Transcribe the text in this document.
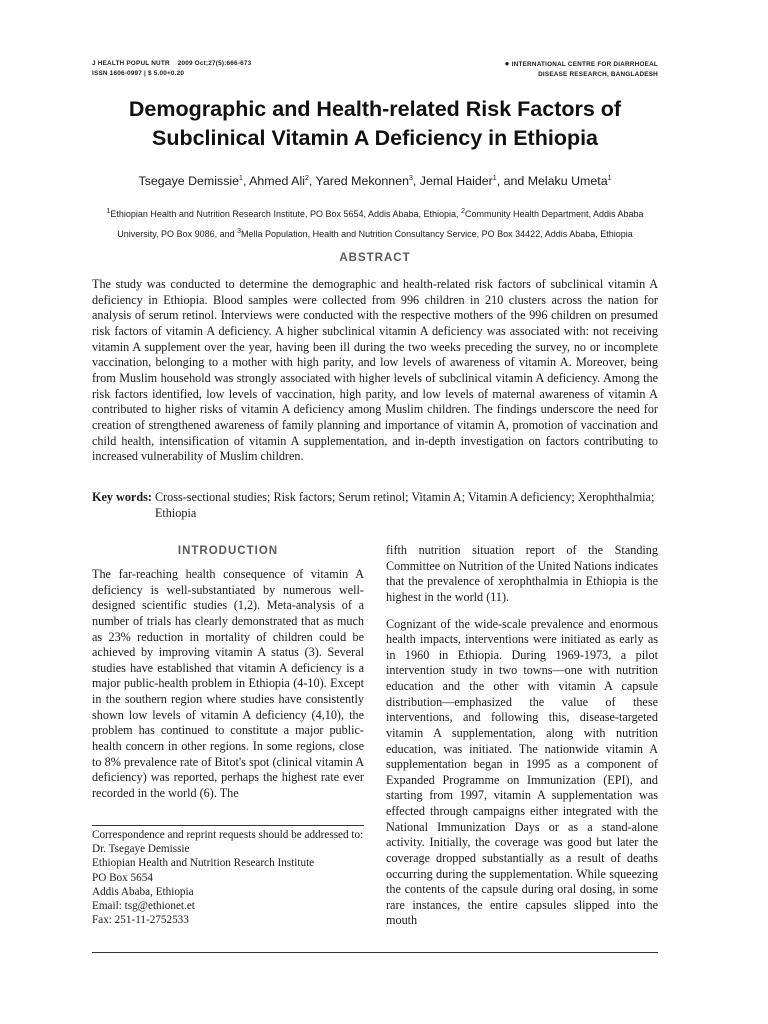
J HEALTH POPUL NUTR 2009 Oct;27(5):666-673
ISSN 1606-0997 | $ 5.00+0.20
● INTERNATIONAL CENTRE FOR DIARRHOEAL
DISEASE RESEARCH, BANGLADESH
Demographic and Health-related Risk Factors of
Subclinical Vitamin A Deficiency in Ethiopia
Tsegaye Demissie$^1$, Ahmed Ali$^2$, Yared Mekonnen$^3$, Jemal Haider$^1$, and Melaku Umeta$^1$
$^1$Ethiopian Health and Nutrition Research Institute, PO Box 5654, Addis Ababa, Ethiopia, $^2$Community Health Department, Addis Ababa University, PO Box 9086, and $^3$Mella Population, Health and Nutrition Consultancy Service, PO Box 34422, Addis Ababa, Ethiopia
ABSTRACT
The study was conducted to determine the demographic and health-related risk factors of subclinical vitamin A deficiency in Ethiopia. Blood samples were collected from 996 children in 210 clusters across the nation for analysis of serum retinol. Interviews were conducted with the respective mothers of the 996 children on presumed risk factors of vitamin A deficiency. A higher subclinical vitamin A deficiency was associated with: not receiving vitamin A supplement over the year, having been ill during the two weeks preceding the survey, no or incomplete vaccination, belonging to a mother with high parity, and low levels of awareness of vitamin A. Moreover, being from Muslim household was strongly associated with higher levels of subclinical vitamin A deficiency. Among the risk factors identified, low levels of vaccination, high parity, and low levels of maternal awareness of vitamin A contributed to higher risks of vitamin A deficiency among Muslim children. The findings underscore the need for creation of strengthened awareness of family planning and importance of vitamin A, promotion of vaccination and child health, intensification of vitamin A supplementation, and in-depth investigation on factors contributing to increased vulnerability of Muslim children.
Key words: Cross-sectional studies; Risk factors; Serum retinol; Vitamin A; Vitamin A deficiency; Xerophthalmia; Ethiopia
INTRODUCTION

The far-reaching health consequence of vitamin A deficiency is well-substantiated by numerous well-designed scientific studies (1,2). Meta-analysis of a number of trials has clearly demonstrated that as much as 23% reduction in mortality of children could be achieved by improving vitamin A status (3). Several studies have established that vitamin A deficiency is a major public-health problem in Ethiopia (4-10). Except in the southern region where studies have consistently shown low levels of vitamin A deficiency (4,10), the problem has continued to constitute a major public-health concern in other regions. In some regions, close to 8% prevalence rate of Bitot's spot (clinical vitamin A deficiency) was reported, perhaps the highest rate ever recorded in the world (6). The

fifth nutrition situation report of the Standing Committee on Nutrition of the United Nations indicates that the prevalence of xerophthalmia in Ethiopia is the highest in the world (11).

Cognizant of the wide-scale prevalence and enormous health impacts, interventions were initiated as early as in 1960 in Ethiopia. During 1969-1973, a pilot intervention study in two towns—one with nutrition education and the other with vitamin A capsule distribution—emphasized the value of these interventions, and following this, disease-targeted vitamin A supplementation, along with nutrition education, was initiated. The nationwide vitamin A supplementation began in 1995 as a component of Expanded Programme on Immunization (EPI), and starting from 1997, vitamin A supplementation was effected through campaigns either integrated with the National Immunization Days or as a stand-alone activity. Initially, the coverage was good but later the coverage dropped substantially as a result of deaths occurring during the supplementation. While squeezing the contents of the capsule during oral dosing, in some rare instances, the entire capsules slipped into the mouth

Correspondence and reprint requests should be addressed to:
Dr. Tsegaye Demissie
Ethiopian Health and Nutrition Research Institute
PO Box 5654
Addis Ababa, Ethiopia
Email: tsg@ethionet.et
Fax: 251-11-2752533
